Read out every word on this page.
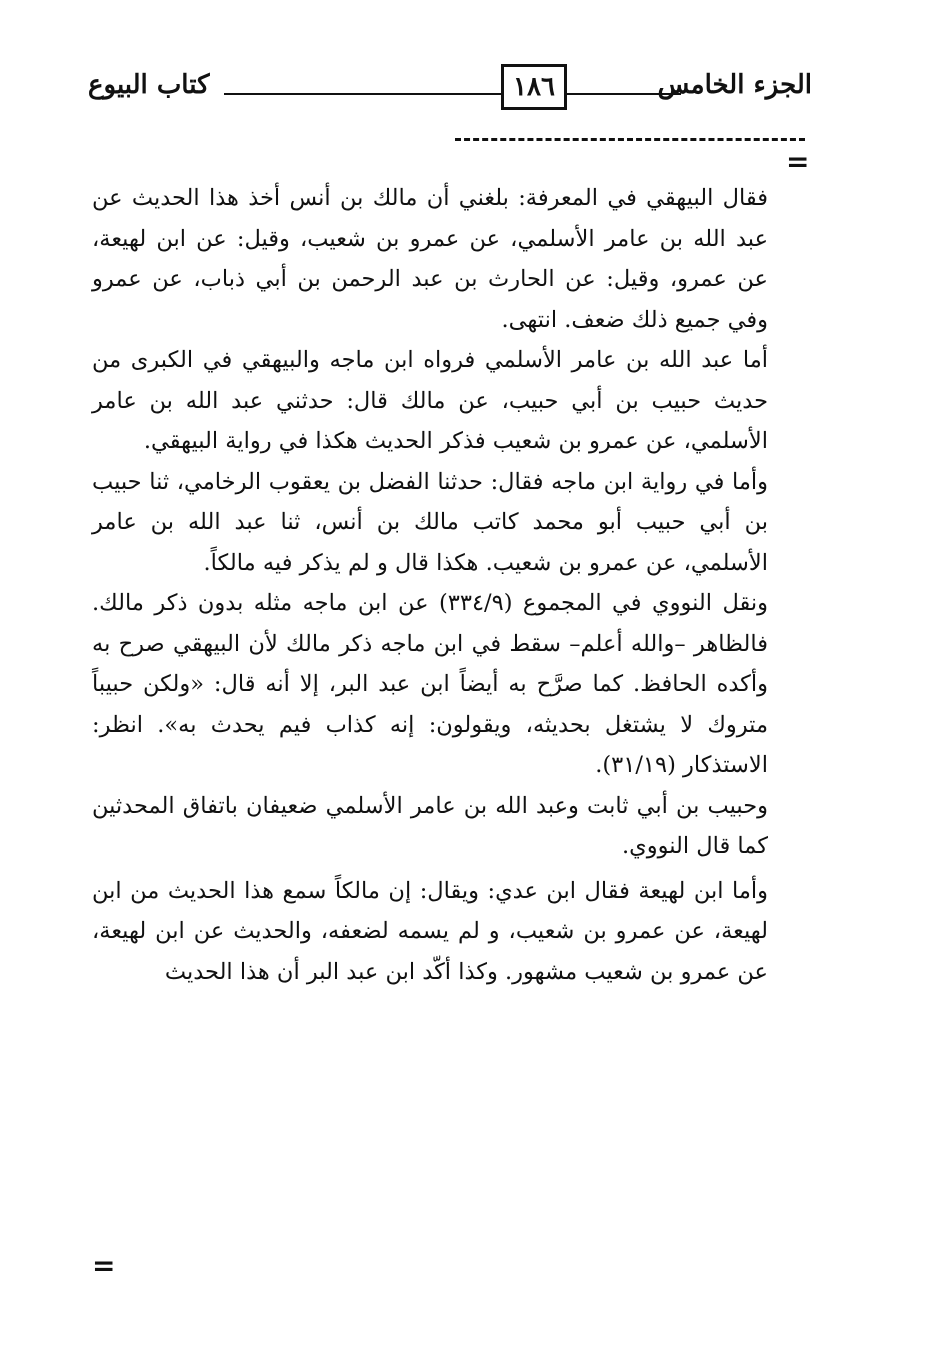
الجزء الخامس
١٨٦
كتاب البيوع
=

فقال البيهقي في المعرفة: بلغني أن مالك بن أنس أخذ هذا الحديث عن عبد الله بن عامر الأسلمي، عن عمرو بن شعيب، وقيل: عن ابن لهيعة، عن عمرو، وقيل: عن الحارث بن عبد الرحمن بن أبي ذباب، عن عمرو وفي جميع ذلك ضعف. انتهى.

أما عبد الله بن عامر الأسلمي فرواه ابن ماجه والبيهقي في الكبرى من حديث حبيب بن أبي حبيب، عن مالك قال: حدثني عبد الله بن عامر الأسلمي، عن عمرو بن شعيب فذكر الحديث هكذا في رواية البيهقي.

وأما في رواية ابن ماجه فقال: حدثنا الفضل بن يعقوب الرخامي، ثنا حبيب بن أبي حبيب أبو محمد كاتب مالك بن أنس، ثنا عبد الله بن عامر الأسلمي، عن عمرو بن شعيب. هكذا قال و لم يذكر فيه مالكاً.

ونقل النووي في المجموع (٣٣٤/٩) عن ابن ماجه مثله بدون ذكر مالك. فالظاهر –والله أعلم– سقط في ابن ماجه ذكر مالك لأن البيهقي صرح به وأكده الحافظ. كما صرَّح به أيضاً ابن عبد البر، إلا أنه قال: «ولكن حبيباً متروك لا يشتغل بحديثه، ويقولون: إنه كذاب فيم يحدث به». انظر: الاستذكار (٣١/١٩).

وحبيب بن أبي ثابت وعبد الله بن عامر الأسلمي ضعيفان باتفاق المحدثين كما قال النووي.

وأما ابن لهيعة فقال ابن عدي: ويقال: إن مالكاً سمع هذا الحديث من ابن لهيعة، عن عمرو بن شعيب، و لم يسمه لضعفه، والحديث عن ابن لهيعة، عن عمرو بن شعيب مشهور. وكذا أكّد ابن عبد البر أن هذا الحديث

=
